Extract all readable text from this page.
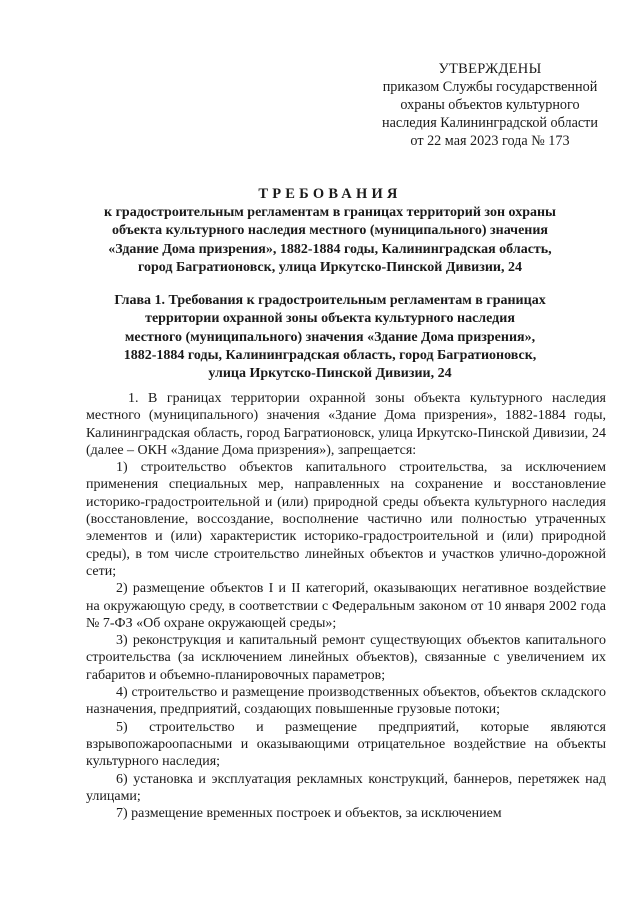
УТВЕРЖДЕНЫ
приказом Службы государственной
охраны объектов культурного
наследия Калининградской области
от 22 мая 2023 года № 173
ТРЕБОВАНИЯ
к градостроительным регламентам в границах территорий зон охраны
объекта культурного наследия местного (муниципального) значения
«Здание Дома призрения», 1882-1884 годы, Калининградская область,
город Багратионовск, улица Иркутско-Пинской Дивизии, 24
Глава 1. Требования к градостроительным регламентам в границах
территории охранной зоны объекта культурного наследия
местного (муниципального) значения «Здание Дома призрения»,
1882-1884 годы, Калининградская область, город Багратионовск,
улица Иркутско-Пинской Дивизии, 24

1. В границах территории охранной зоны объекта культурного наследия местного (муниципального) значения «Здание Дома призрения», 1882-1884 годы, Калининградская область, город Багратионовск, улица Иркутско-Пинской Дивизии, 24 (далее – ОКН «Здание Дома призрения»), запрещается:

1) строительство объектов капитального строительства, за исключением применения специальных мер, направленных на сохранение и восстановление историко-градостроительной и (или) природной среды объекта культурного наследия (восстановление, воссоздание, восполнение частично или полностью утраченных элементов и (или) характеристик историко-градостроительной и (или) природной среды), в том числе строительство линейных объектов и участков улично-дорожной сети;

2) размещение объектов I и II категорий, оказывающих негативное воздействие на окружающую среду, в соответствии с Федеральным законом от 10 января 2002 года № 7-ФЗ «Об охране окружающей среды»;

3) реконструкция и капитальный ремонт существующих объектов капитального строительства (за исключением линейных объектов), связанные с увеличением их габаритов и объемно-планировочных параметров;

4) строительство и размещение производственных объектов, объектов складского назначения, предприятий, создающих повышенные грузовые потоки;

5) строительство и размещение предприятий, которые являются взрывопожароопасными и оказывающими отрицательное воздействие на объекты культурного наследия;

6) установка и эксплуатация рекламных конструкций, баннеров, перетяжек над улицами;

7) размещение временных построек и объектов, за исключением
